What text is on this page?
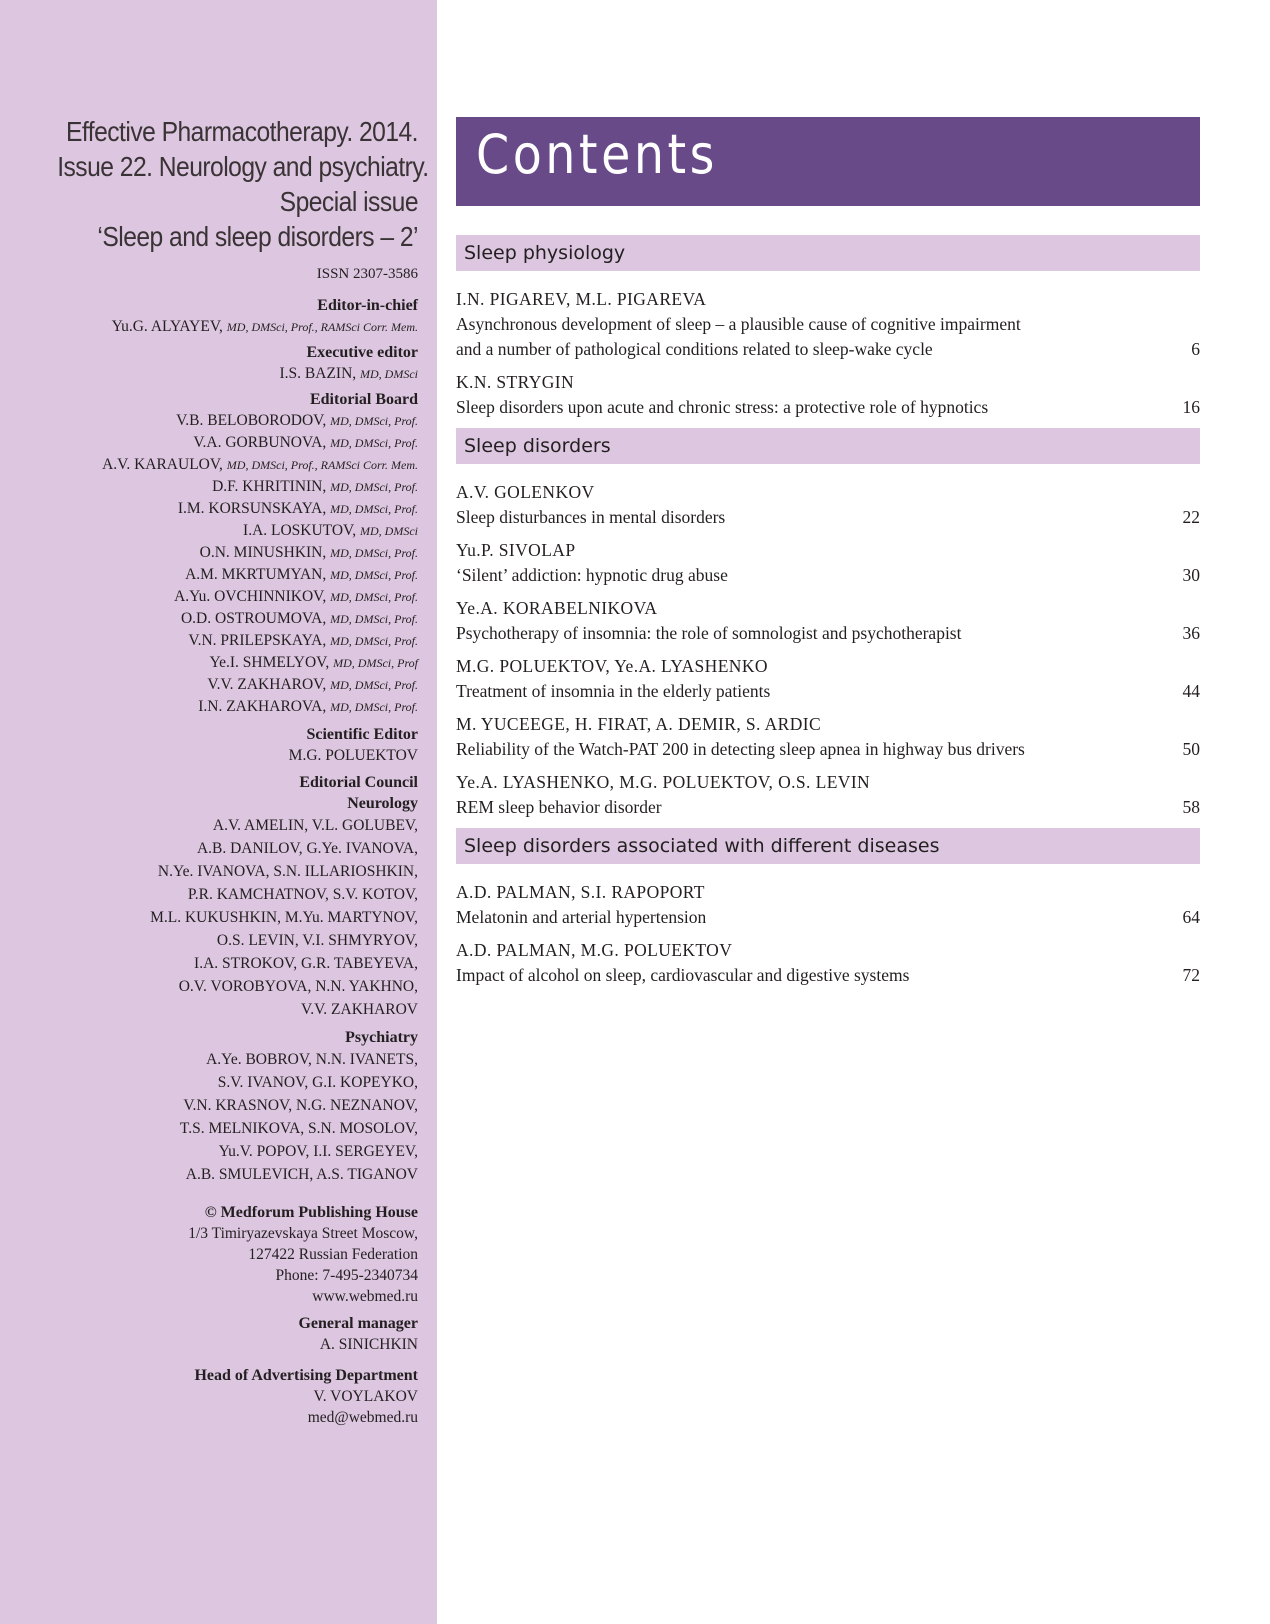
Effective Pharmacotherapy. 2014.
Issue 22. Neurology and psychiatry.
Special issue
‘Sleep and sleep disorders – 2’
ISSN 2307-3586
Editor-in-chief
Yu.G. ALYAYEV, MD, DMSci, Prof., RAMSci Corr. Mem.
Executive editor
I.S. BAZIN, MD, DMSci
Editorial Board
V.B. BELOBORODOV, MD, DMSci, Prof.
V.A. GORBUNOVA, MD, DMSci, Prof.
A.V. KARAULOV, MD, DMSci, Prof., RAMSci Corr. Mem.
D.F. KHRITININ, MD, DMSci, Prof.
I.M. KORSUNSKAYA, MD, DMSci, Prof.
I.A. LOSKUTOV, MD, DMSci
O.N. MINUSHKIN, MD, DMSci, Prof.
A.M. MKRTUMYAN, MD, DMSci, Prof.
A.Yu. OVCHINNIKOV, MD, DMSci, Prof.
O.D. OSTROUMOVA, MD, DMSci, Prof.
V.N. PRILEPSKAYA, MD, DMSci, Prof.
Ye.I. SHMELYOV, MD, DMSci, Prof
V.V. ZAKHAROV, MD, DMSci, Prof.
I.N. ZAKHAROVA, MD, DMSci, Prof.
Scientific Editor
M.G. POLUEKTOV
Editorial Council
Neurology
A.V. AMELIN, V.L. GOLUBEV,
A.B. DANILOV, G.Ye. IVANOVA,
N.Ye. IVANOVA, S.N. ILLARIOSHKIN,
P.R. KAMCHATNOV, S.V. KOTOV,
M.L. KUKUSHKIN, M.Yu. MARTYNOV,
O.S. LEVIN, V.I. SHMYRYOV,
I.A. STROKOV, G.R. TABEYEVA,
O.V. VOROBYOVA, N.N. YAKHNO,
V.V. ZAKHAROV
Psychiatry
A.Ye. BOBROV, N.N. IVANETS,
S.V. IVANOV, G.I. KOPEYKO,
V.N. KRASNOV, N.G. NEZNANOV,
T.S. MELNIKOVA, S.N. MOSOLOV,
Yu.V. POPOV, I.I. SERGEYEV,
A.B. SMULEVICH, A.S. TIGANOV
© Medforum Publishing House
1/3 Timiryazevskaya Street Moscow,
127422 Russian Federation
Phone: 7-495-2340734
www.webmed.ru
General manager
A. SINICHKIN
Head of Advertising Department
V. VOYLAKOV
med@webmed.ru
Contents
Sleep physiology
I.N. PIGAREV, M.L. PIGAREVA
Asynchronous development of sleep – a plausible cause of cognitive impairment
and a number of pathological conditions related to sleep-wake cycle	6
K.N. STRYGIN
Sleep disorders upon acute and chronic stress: a protective role of hypnotics	16
Sleep disorders
A.V. GOLENKOV
Sleep disturbances in mental disorders	22
Yu.P. SIVOLAP
‘Silent’ addiction: hypnotic drug abuse	30
Ye.A. KORABELNIKOVA
Psychotherapy of insomnia: the role of somnologist and psychotherapist	36
M.G. POLUEKTOV, Ye.A. LYASHENKO
Treatment of insomnia in the elderly patients	44
M. YUCEEGE, H. FIRAT, A. DEMIR, S. ARDIC
Reliability of the Watch-PAT 200 in detecting sleep apnea in highway bus drivers	50
Ye.A. LYASHENKO, M.G. POLUEKTOV, O.S. LEVIN
REM sleep behavior disorder	58
Sleep disorders associated with different diseases
A.D. PALMAN, S.I. RAPOPORT
Melatonin and arterial hypertension	64
A.D. PALMAN, M.G. POLUEKTOV
Impact of alcohol on sleep, cardiovascular and digestive systems	72
